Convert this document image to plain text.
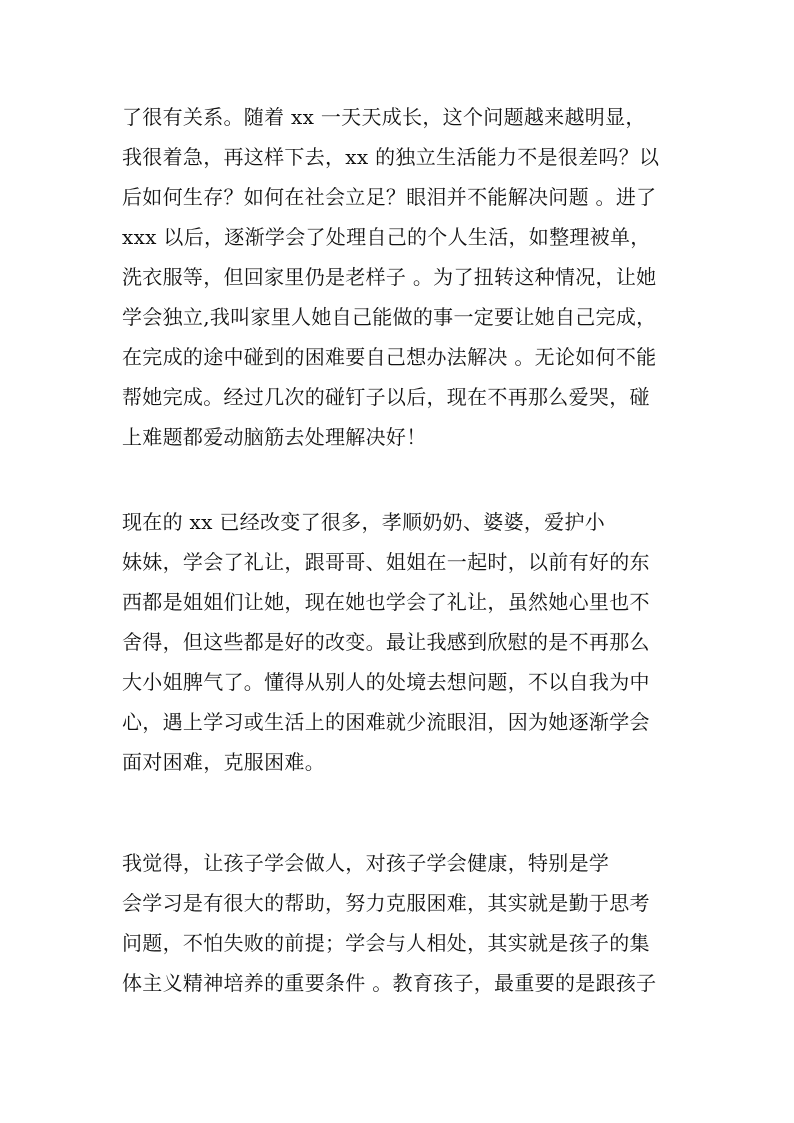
了很有关系。随着 xx 一天天成长，这个问题越来越明显，
我很着急，再这样下去，xx 的独立生活能力不是很差吗？以
后如何生存？如何在社会立足？眼泪并不能解决问题 。进了
xxx 以后，逐渐学会了处理自己的个人生活，如整理被单，
洗衣服等，但回家里仍是老样子 。为了扭转这种情况，让她
学会独立,我叫家里人她自己能做的事一定要让她自己完成，
在完成的途中碰到的困难要自己想办法解决 。无论如何不能
帮她完成。经过几次的碰钉子以后，现在不再那么爱哭，碰
上难题都爱动脑筋去处理解决好！
现在的 xx 已经改变了很多，孝顺奶奶、婆婆，爱护小
妹妹，学会了礼让，跟哥哥、姐姐在一起时，以前有好的东
西都是姐姐们让她，现在她也学会了礼让，虽然她心里也不
舍得，但这些都是好的改变。最让我感到欣慰的是不再那么
大小姐脾气了。懂得从别人的处境去想问题，不以自我为中
心，遇上学习或生活上的困难就少流眼泪，因为她逐渐学会
面对困难，克服困难。
我觉得，让孩子学会做人，对孩子学会健康，特别是学
会学习是有很大的帮助，努力克服困难，其实就是勤于思考
问题，不怕失败的前提；学会与人相处，其实就是孩子的集
体主义精神培养的重要条件 。教育孩子，最重要的是跟孩子
